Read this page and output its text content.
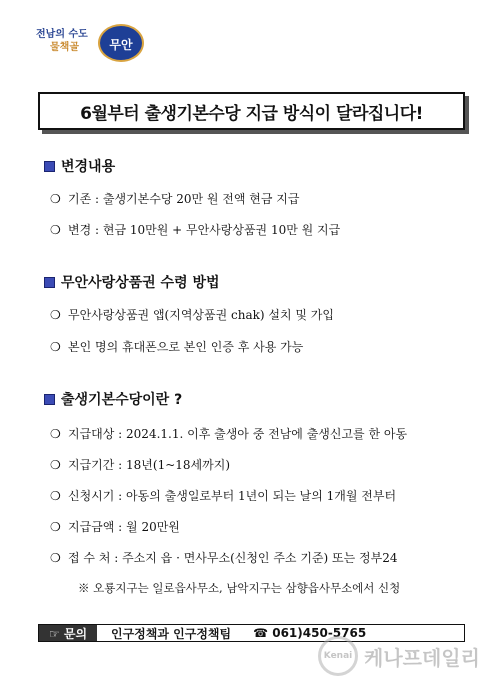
전남의 수도
물책골	무안
6월부터 출생기본수당 지급 방식이 달라집니다!
변경내용
❍ 기존 : 출생기본수당 20만 원 전액 현금 지급
❍ 변경 : 현금 10만원 + 무안사랑상품권 10만 원 지급
무안사랑상품권 수령 방법
❍ 무안사랑상품권 앱(지역상품권 chak) 설치 및 가입
❍ 본인 명의 휴대폰으로 본인 인증 후 사용 가능
출생기본수당이란 ?
❍ 지급대상 : 2024.1.1. 이후 출생아 중 전남에 출생신고를 한 아동
❍ 지급기간 : 18년(1~18세까지)
❍ 신청시기 : 아동의 출생일로부터 1년이 되는 날의 1개월 전부터
❍ 지급금액 : 월 20만원
❍ 접 수 처 : 주소지 읍 · 면사무소(신청인 주소 기준) 또는 정부24
※ 오룡지구는 일로읍사무소, 남악지구는 삼향읍사무소에서 신청
☞ 문의	인구정책과 인구정책팀 ☎ 061)450-5765
Kenai 케나프데일리
